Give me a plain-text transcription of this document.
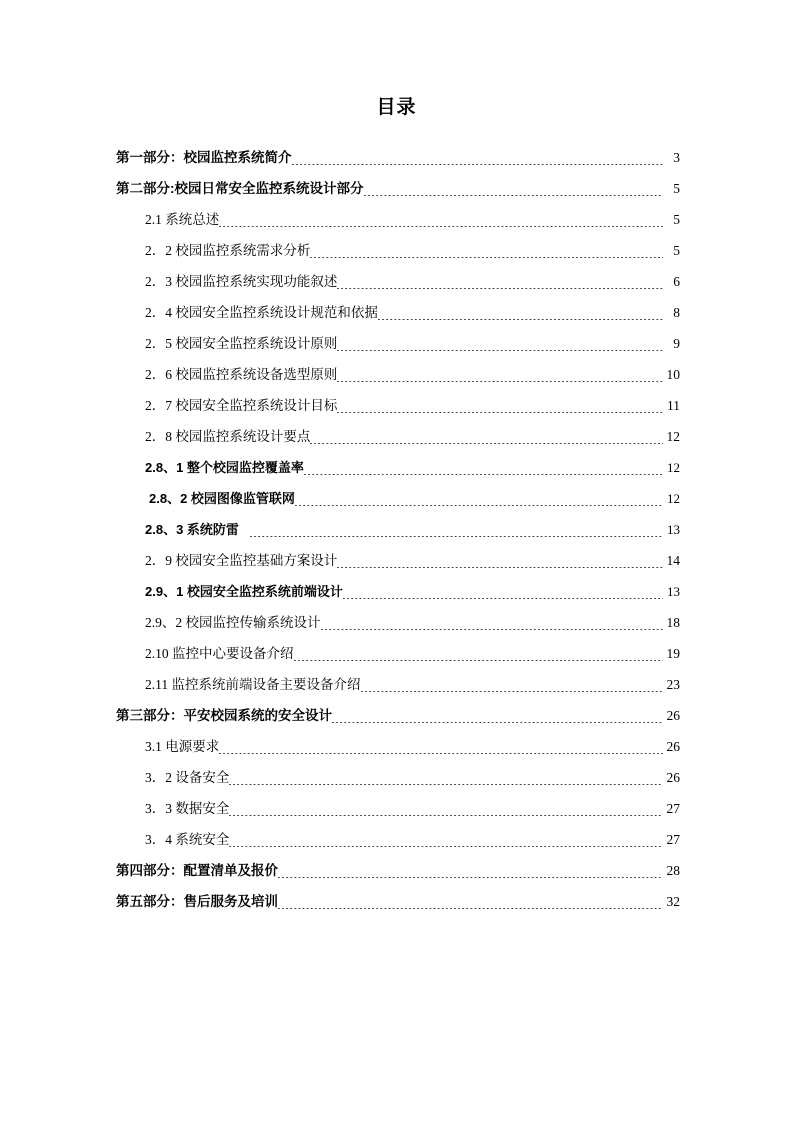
目录
第一部分：校园监控系统简介	3
第二部分:校园日常安全监控系统设计部分	5
2.1 系统总述	5
2．2 校园监控系统需求分析	5
2．3 校园监控系统实现功能叙述	6
2．4 校园安全监控系统设计规范和依据	8
2．5 校园安全监控系统设计原则	9
2．6 校园监控系统设备选型原则	10
2．7 校园安全监控系统设计目标	11
2．8 校园监控系统设计要点	12
2.8、1 整个校园监控覆盖率	12
2.8、2 校园图像监管联网	12
2.8、3 系统防雷	13
2．9 校园安全监控基础方案设计	14
2.9、1 校园安全监控系统前端设计	13
2.9、2 校园监控传输系统设计	18
2.10 监控中心要设备介绍	19
2.11 监控系统前端设备主要设备介绍	23
第三部分：平安校园系统的安全设计	26
3.1 电源要求	26
3．2 设备安全	26
3．3 数据安全	27
3．4 系统安全	27
第四部分：配置清单及报价	28
第五部分：售后服务及培训	32
